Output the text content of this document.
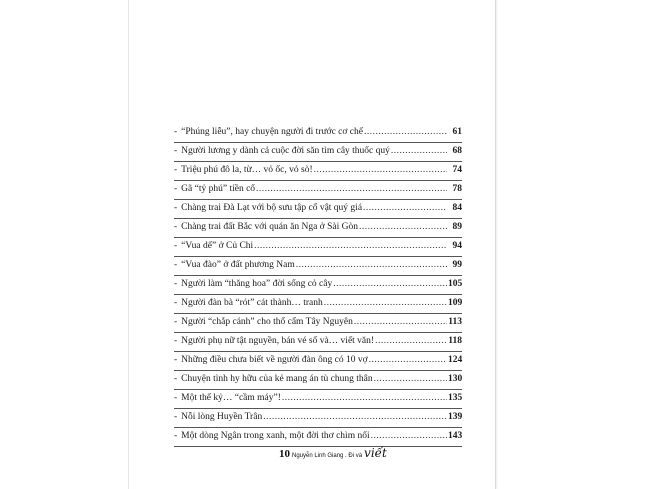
- “Phúng liễu”, hay chuyện người đi trước cơ chế .....	61
- Người lương y dành cả cuộc đời săn tìm cây thuốc quý .....	68
- Triệu phú đô la, từ… vỏ ốc, vỏ sò! .....	74
- Gã “tỷ phú” tiền cổ .....	78
- Chàng trai Đà Lạt với bộ sưu tập cổ vật quý giá .....	84
- Chàng trai đất Bắc với quán ăn Nga ở Sài Gòn .....	89
- “Vua dế” ở Củ Chi .....	94
- “Vua đào” ở đất phương Nam .....	99
- Người làm “thăng hoa” đời sống cỏ cây .....	105
- Người đàn bà “rót” cát thành… tranh .....	109
- Người “chắp cánh” cho thổ cẩm Tây Nguyên .....	113
- Người phụ nữ tật nguyền, bán vé số và… viết văn! .....	118
- Những điều chưa biết về người đàn ông có 10 vợ .....	124
- Chuyện tình hy hữu của kẻ mang án tù chung thân .....	130
- Một thế kỷ… “cầm máy”! .....	135
- Nỗi lòng Huyền Trân .....	139
- Một dòng Ngân trong xanh, một đời thơ chìm nổi .....	143
10 Nguyễn Linh Giang . Đi và viết
